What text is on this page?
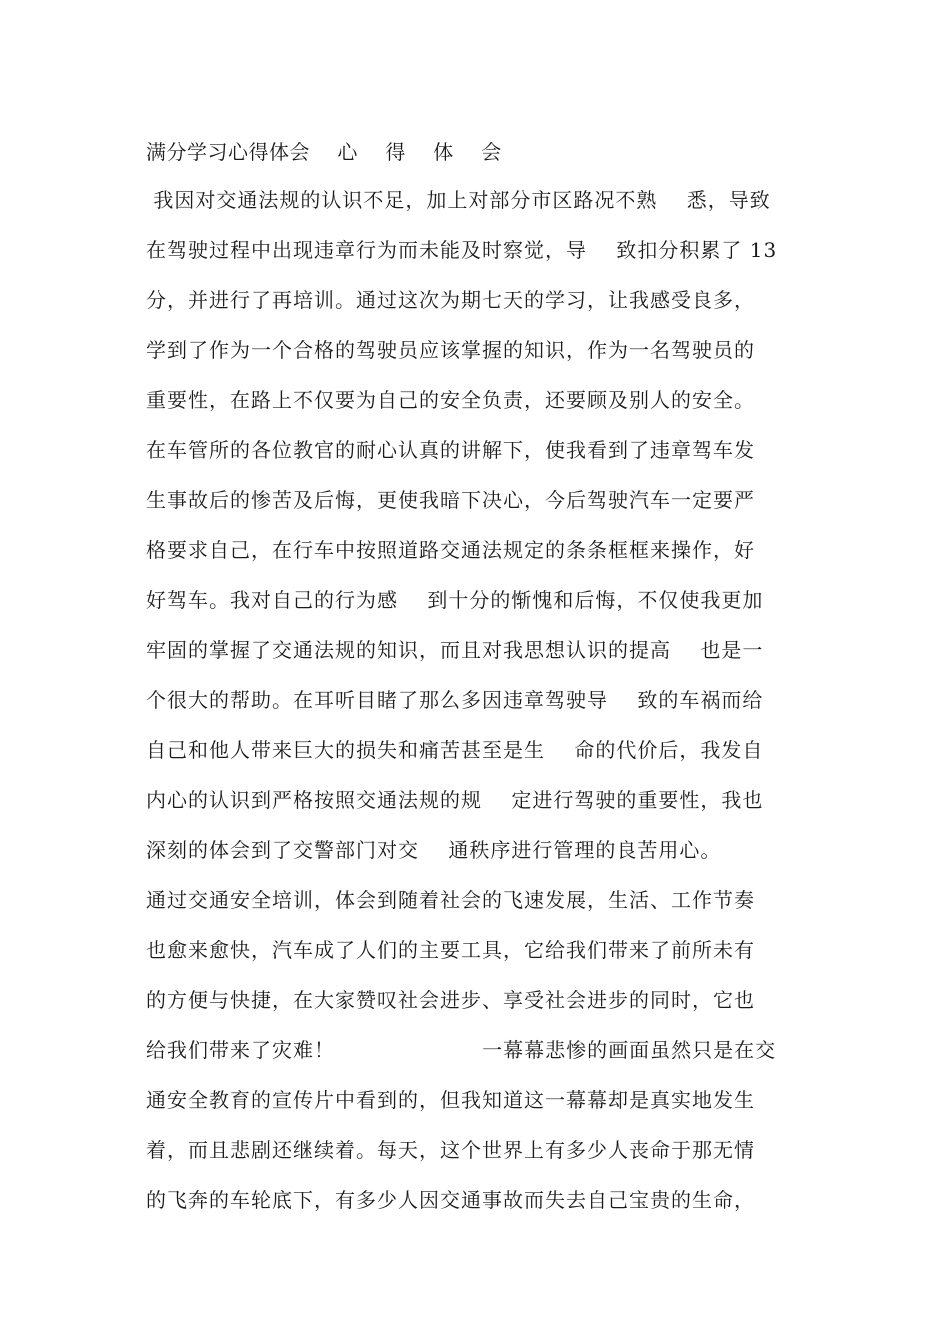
满分学习心得体会    心    得    体    会
我因对交通法规的认识不足，加上对部分市区路况不熟    悉，导致
在驾驶过程中出现违章行为而未能及时察觉，导    致扣分积累了 13
分，并进行了再培训。通过这次为期七天的学习，让我感受良多，
学到了作为一个合格的驾驶员应该掌握的知识，作为一名驾驶员的
重要性，在路上不仅要为自己的安全负责，还要顾及别人的安全。
在车管所的各位教官的耐心认真的讲解下，使我看到了违章驾车发
生事故后的惨苦及后悔，更使我暗下决心，今后驾驶汽车一定要严
格要求自己，在行车中按照道路交通法规定的条条框框来操作，好
好驾车。我对自己的行为感    到十分的惭愧和后悔，不仅使我更加
牢固的掌握了交通法规的知识，而且对我思想认识的提高    也是一
个很大的帮助。在耳听目睹了那么多因违章驾驶导    致的车祸而给
自己和他人带来巨大的损失和痛苦甚至是生    命的代价后，我发自
内心的认识到严格按照交通法规的规    定进行驾驶的重要性，我也
深刻的体会到了交警部门对交    通秩序进行管理的良苦用心。
通过交通安全培训，体会到随着社会的飞速发展，生活、工作节奏
也愈来愈快，汽车成了人们的主要工具，它给我们带来了前所未有
的方便与快捷，在大家赞叹社会进步、享受社会进步的同时，它也
给我们带来了灾难！                    一幕幕悲惨的画面虽然只是在交
通安全教育的宣传片中看到的，但我知道这一幕幕却是真实地发生
着，而且悲剧还继续着。每天，这个世界上有多少人丧命于那无情
的飞奔的车轮底下，有多少人因交通事故而失去自己宝贵的生命，
